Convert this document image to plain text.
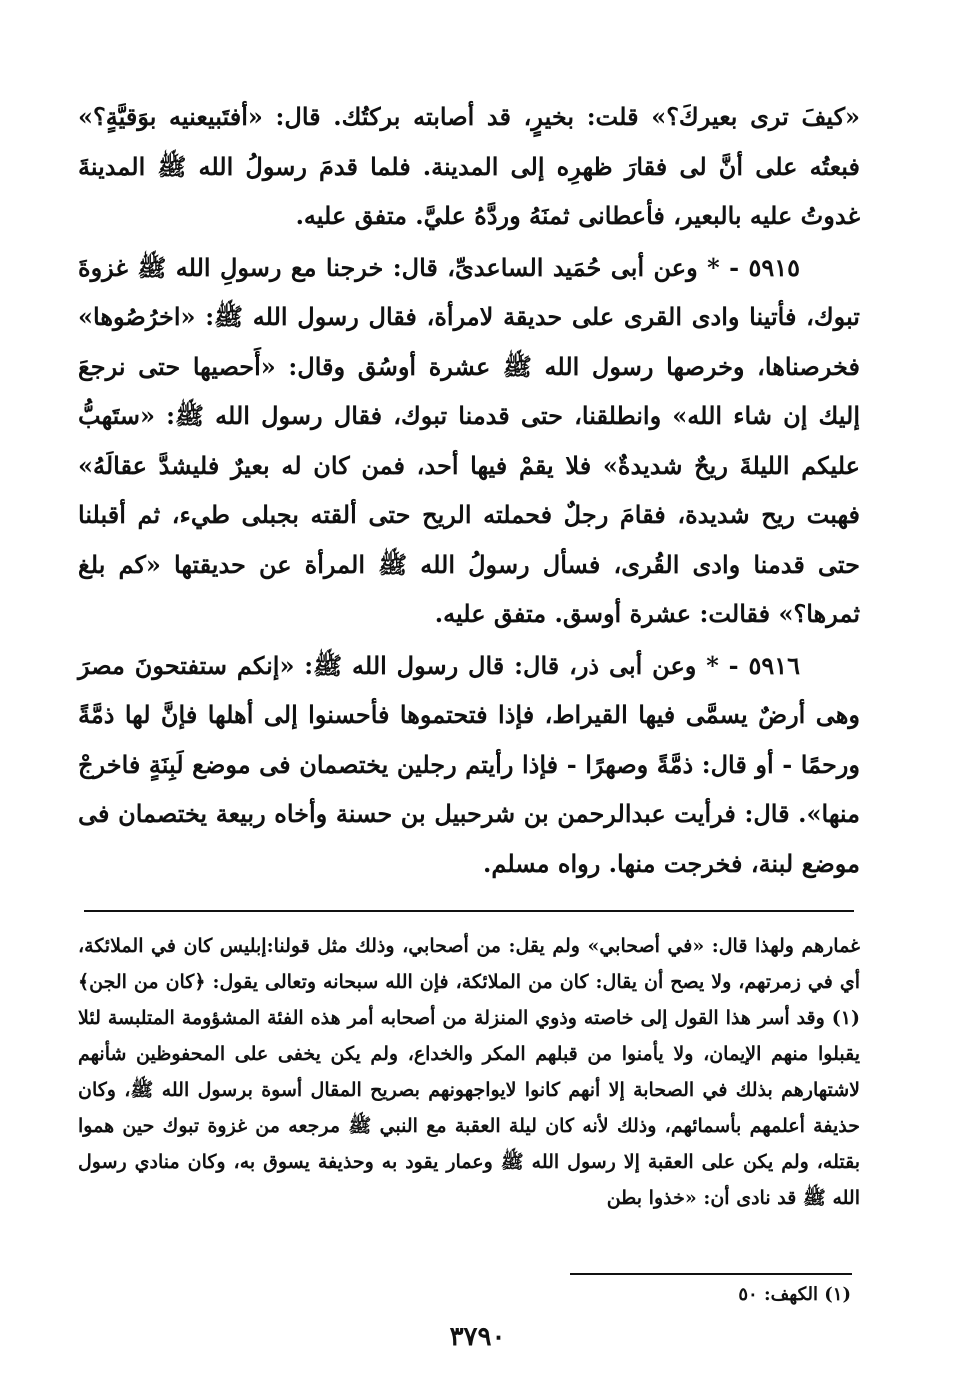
«كيفَ ترى بعيركَ؟» قلت: بخيرٍ، قد أصابته بركتُك. قال: «أفتَبيعنيه بوَقيَّةٍ؟» فبعتُه على أنَّ لى فقارَ ظهرِه إلى المدينة. فلما قدمَ رسولُ الله ﷺ المدينةَ غدوتُ عليه بالبعير، فأعطانى ثمنَهُ وردَّهُ عليَّ. متفق عليه.

٥٩١٥ - * وعن أبى حُمَيد الساعدىِّ، قال: خرجنا مع رسولِ الله ﷺ غزوةَ تبوك، فأتينا وادى القرى على حديقة لامرأة، فقال رسول الله ﷺ: «اخرُصُوها» فخرصناها، وخرصها رسول الله ﷺ عشرة أوسُق وقال: «أَحصيها حتى نرجعَ إليك إن شاء الله» وانطلقنا، حتى قدمنا تبوك، فقال رسول الله ﷺ: «ستَهبُّ عليكم الليلةَ ريحٌ شديدةٌ» فلا يقمْ فيها أحد، فمن كان له بعيرٌ فليشدَّ عقالَهُ» فهبت ريح شديدة، فقامَ رجلٌ فحملته الريح حتى ألقته بجبلى طيء، ثم أقبلنا حتى قدمنا وادى القُرى، فسأل رسولُ الله ﷺ المرأة عن حديقتها «كم بلغ ثمرها؟» فقالت: عشرة أوسق. متفق عليه.

٥٩١٦ - * وعن أبى ذر، قال: قال رسول الله ﷺ: «إنكم ستفتحونَ مصرَ وهى أرضٌ يسمَّى فيها القيراط، فإذا فتحتموها فأحسنوا إلى أهلها فإنَّ لها ذمَّةً ورحمًا - أو قال: ذمَّةً وصهرًا - فإذا رأيتم رجلين يختصمان فى موضع لَبِنَةٍ فاخرجْ منها». قال: فرأيت عبدالرحمن بن شرحبيل بن حسنة وأخاه ربيعة يختصمان فى موضع لبنة، فخرجت منها. رواه مسلم.

غمارهم ولهذا قال: «في أصحابي» ولم يقل: من أصحابي، وذلك مثل قولنا:إبليس كان في الملائكة، أي في زمرتهم، ولا يصح أن يقال: كان من الملائكة، فإن الله سبحانه وتعالى يقول: ﴿كان من الجن﴾(١) وقد أسر هذا القول إلى خاصته وذوي المنزلة من أصحابه أمر هذه الفئة المشؤومة المتلبسة لئلا يقبلوا منهم الإيمان، ولا يأمنوا من قبلهم المكر والخداع، ولم يكن يخفى على المحفوظين شأنهم لاشتهارهم بذلك في الصحابة إلا أنهم كانوا لايواجهونهم بصريح المقال أسوة برسول الله ﷺ، وكان حذيفة أعلمهم بأسمائهم، وذلك لأنه كان ليلة العقبة مع النبي ﷺ مرجعه من غزوة تبوك حين هموا بقتله، ولم يكن على العقبة إلا رسول الله ﷺ وعمار يقود به وحذيفة يسوق به، وكان منادي رسول الله ﷺ قد نادى أن: «خذوا بطن

(١) الكهف: ٥٠
٣٧٩٠
